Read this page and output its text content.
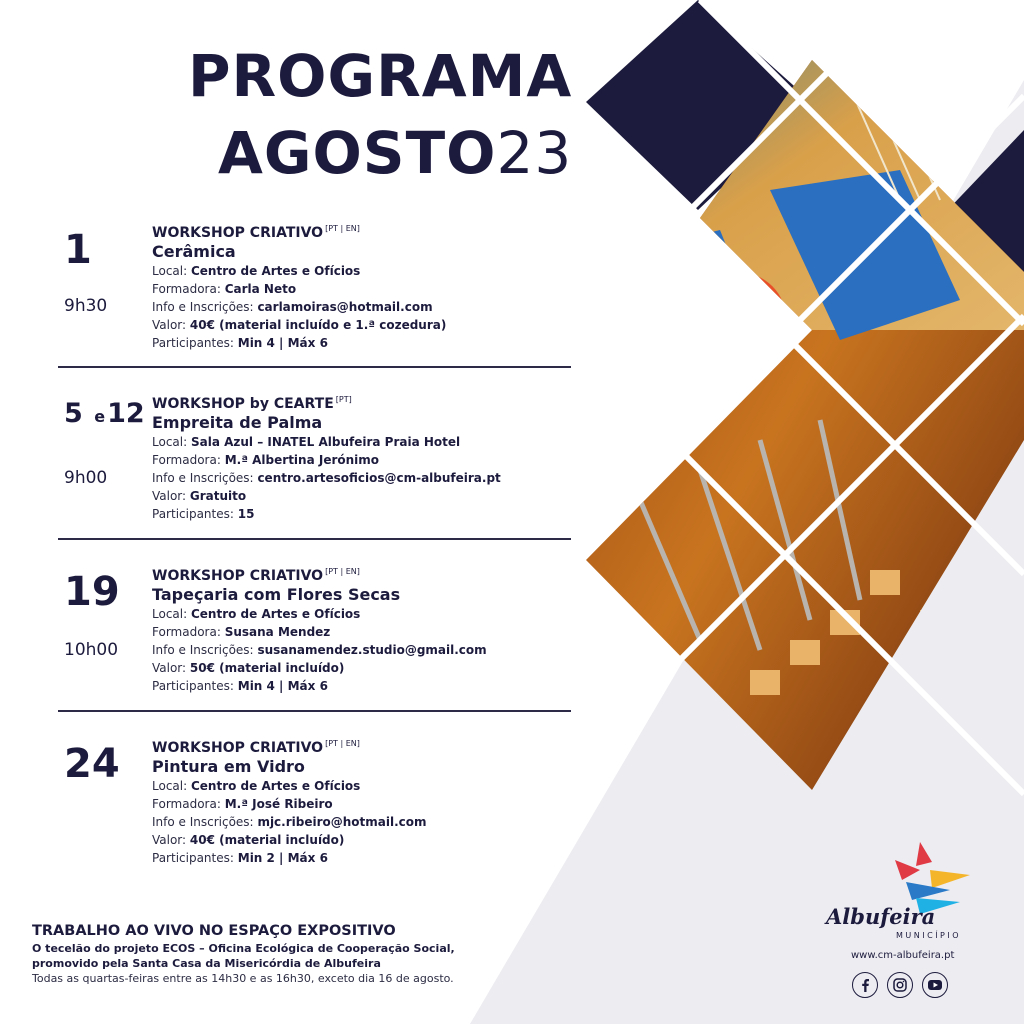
PROGRAMA
AGOSTO23
1
9h30
WORKSHOP CRIATIVO [PT | EN]
Cerâmica
Local: Centro de Artes e Ofícios
Formadora: Carla Neto
Info e Inscrições: carlamoiras@hotmail.com
Valor: 40€ (material incluído e 1.ª cozedura)
Participantes: Min 4 | Máx 6
5 e12
9h00
WORKSHOP by CEARTE [PT]
Empreita de Palma
Local: Sala Azul – INATEL Albufeira Praia Hotel
Formadora: M.ª Albertina Jerónimo
Info e Inscrições: centro.artesoficios@cm-albufeira.pt
Valor: Gratuito
Participantes: 15
19
10h00
WORKSHOP CRIATIVO [PT | EN]
Tapeçaria com Flores Secas
Local: Centro de Artes e Ofícios
Formadora: Susana Mendez
Info e Inscrições: susanamendez.studio@gmail.com
Valor: 50€ (material incluído)
Participantes: Min 4 | Máx 6
24 WORKSHOP CRIATIVO [PT | EN]
Pintura em Vidro
Local: Centro de Artes e Ofícios
Formadora: M.ª José Ribeiro
Info e Inscrições: mjc.ribeiro@hotmail.com
Valor: 40€ (material incluído)
Participantes: Min 2 | Máx 6
TRABALHO AO VIVO NO ESPAÇO EXPOSITIVO
O tecelão do projeto ECOS – Oficina Ecológica de Cooperação Social,
promovido pela Santa Casa da Misericórdia de Albufeira
Todas as quartas-feiras entre as 14h30 e as 16h30, exceto dia 16 de agosto.
Albufeira
MUNICÍPIO
www.cm-albufeira.pt
